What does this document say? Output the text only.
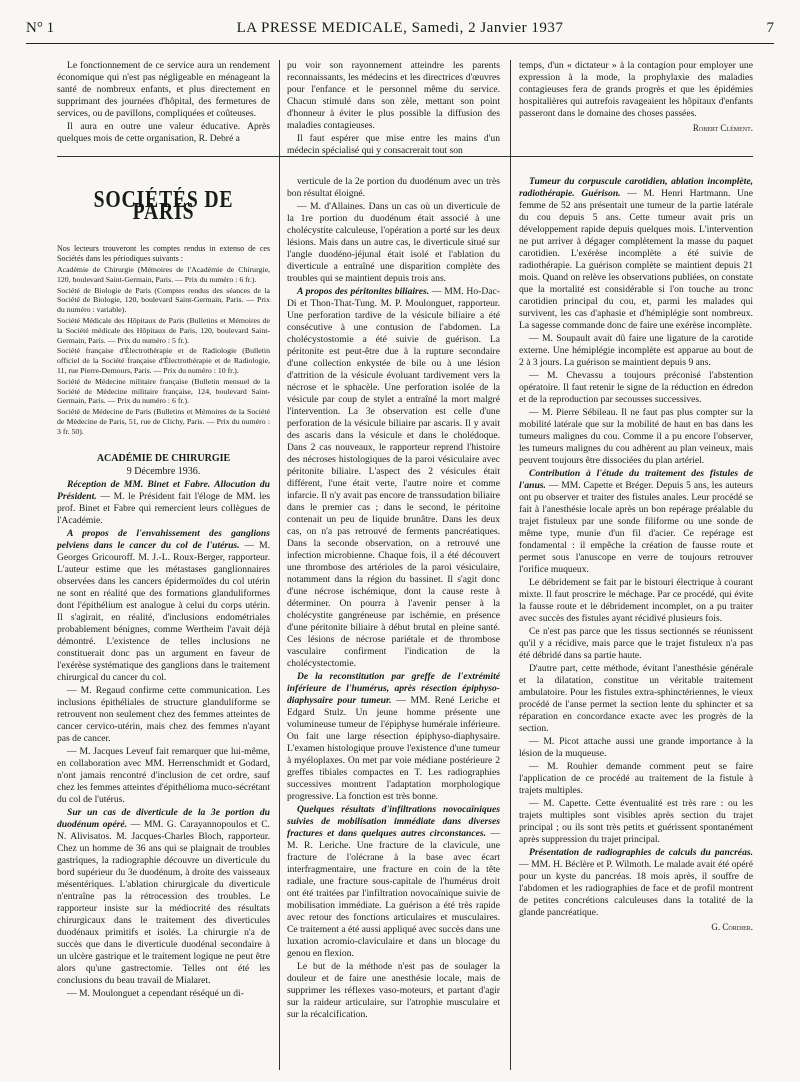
N° 1	LA PRESSE MEDICALE, Samedi, 2 Janvier 1937	7

Le fonctionnement de ce service aura un rendement économique qui n'est pas négligeable en ménageant la santé de nombreux enfants, et plus directement en supprimant des journées d'hôpital, des fermetures de services, ou de pavillons, compliquées et coûteuses.

Il aura en outre une valeur éducative. Après quelques mois de cette organisation, R. Debré a

pu voir son rayonnement atteindre les parents reconnaissants, les médecins et les directrices d'œuvres pour l'enfance et le personnel même du service. Chacun stimulé dans son zèle, mettant son point d'honneur à éviter le plus possible la diffusion des maladies contagieuses.

Il faut espérer que mise entre les mains d'un médecin spécialisé qui y consacrerait tout son

temps, d'un « dictateur » à la contagion pour employer une expression à la mode, la prophylaxie des maladies contagieuses fera de grands progrès et que les épidémies hospitalières qui autrefois ravageaient les hôpitaux d'enfants passeront dans le domaine des choses passées.

Robert Clément.
SOCIÉTÉS DE PARIS

Nos lecteurs trouveront les comptes rendus in extenso de ces Sociétés dans les périodiques suivants :

Académie de Chirurgie (Mémoires de l'Académie de Chirurgie, 120, boulevard Saint-Germain, Paris. — Prix du numéro : 6 fr.).

Société de Biologie de Paris (Comptes rendus des séances de la Société de Biologie, 120, boulevard Saint-Germain, Paris. — Prix du numéro : variable).

Société Médicale des Hôpitaux de Paris (Bulletins et Mémoires de la Société médicale des Hôpitaux de Paris, 120, boulevard Saint-Germain, Paris. — Prix du numéro : 5 fr.).

Société française d'Électrothérapie et de Radiologie (Bulletin officiel de la Société française d'Électrothérapie et de Radiologie, 11, rue Pierre-Demours, Paris. — Prix du numéro : 10 fr.).

Société de Médecine militaire française (Bulletin mensuel de la Société de Médecine militaire française, 124, boulevard Saint-Germain, Paris. — Prix du numéro : 6 fr.).

Société de Médecine de Paris (Bulletins et Mémoires de la Société de Médecine de Paris, 51, rue de Clichy, Paris. — Prix du numéro : 3 fr. 50).

ACADÉMIE DE CHIRURGIE

9 Décembre 1936.

Réception de MM. Binet et Fabre. Allocution du Président. — M. le Président fait l'éloge de MM. les prof. Binet et Fabre qui remercient leurs collègues de l'Académie.

A propos de l'envahissement des ganglions pelviens dans le cancer du col de l'utérus. — M. Georges Gricouroff. M. J.-L. Roux-Berger, rapporteur. L'auteur estime que les métastases ganglionnaires observées dans les cancers épidermoïdes du col utérin ne sont en réalité que des formations glanduliformes dont l'épithélium est analogue à celui du corps utérin. Il s'agirait, en réalité, d'inclusions endométriales probablement bénignes, comme Wertheim l'avait déjà démontré. L'existence de telles inclusions ne constituerait donc pas un argument en faveur de l'exérèse systématique des ganglions dans le traitement chirurgical du cancer du col.

— M. Regaud confirme cette communication. Les inclusions épithéliales de structure glanduliforme se retrouvent non seulement chez des femmes atteintes de cancer cervico-utérin, mais chez des femmes n'ayant pas de cancer.

— M. Jacques Leveuf fait remarquer que lui-même, en collaboration avec MM. Herrenschmidt et Godard, n'ont jamais rencontré d'inclusion de cet ordre, sauf chez les femmes atteintes d'épithélioma muco-sécrétant du col de l'utérus.

Sur un cas de diverticule de la 3e portion du duodénum opéré. — MM. G. Carayannopoulos et C. N. Alivisatos. M. Jacques-Charles Bloch, rapporteur. Chez un homme de 36 ans qui se plaignait de troubles gastriques, la radiographie découvre un diverticule du bord supérieur du 3e duodénum, à droite des vaisseaux mésentériques. L'ablation chirurgicale du diverticule n'entraîne pas la rétrocession des troubles. Le rapporteur insiste sur la médiocrité des résultats chirurgicaux dans le traitement des diverticules duodénaux primitifs et isolés. La chirurgie n'a de succès que dans le diverticule duodénal secondaire à un ulcère gastrique et le traitement logique ne peut être alors qu'une gastrectomie. Telles ont été les conclusions du beau travail de Mialaret.

— M. Moulonguet a cependant réséqué un di-

verticule de la 2e portion du duodénum avec un très bon résultat éloigné.

— M. d'Allaines. Dans un cas où un diverticule de la 1re portion du duodénum était associé à une cholécystite calculeuse, l'opération a porté sur les deux lésions. Mais dans un autre cas, le diverticule situé sur l'angle duodéno-jéjunal était isolé et l'ablation du diverticule a entraîné une disparition complète des troubles qui se maintient depuis trois ans.

A propos des péritonites biliaires. — MM. Ho-Dac-Di et Thon-That-Tung. M. P. Moulonguet, rapporteur. Une perforation tardive de la vésicule biliaire a été consécutive à une contusion de l'abdomen. La cholécystostomie a été suivie de guérison. La péritonite est peut-être due à la rupture secondaire d'une collection enkystée de bile ou à une lésion d'attrition de la vésicule évoluant tardivement vers la nécrose et le sphacèle. Une perforation isolée de la vésicule par coup de stylet a entraîné la mort malgré l'intervention. La 3e observation est celle d'une perforation de la vésicule biliaire par ascaris. Il y avait des ascaris dans la vésicule et dans le cholédoque. Dans 2 cas nouveaux, le rapporteur reprend l'histoire des nécroses histologiques de la paroi vésiculaire avec péritonite biliaire. L'aspect des 2 vésicules était différent, l'une était verte, l'autre noire et comme infarcie. Il n'y avait pas encore de transsudation biliaire dans le premier cas ; dans le second, le péritoine contenait un peu de liquide brunâtre. Dans les deux cas, on n'a pas retrouvé de ferments pancréatiques. Dans la seconde observation, on a retrouvé une infection microbienne. Chaque fois, il a été découvert une thrombose des artérioles de la paroi vésiculaire, notamment dans la région du bassinet. Il s'agit donc d'une nécrose ischémique, dont la cause reste à déterminer. On pourra à l'avenir penser à la cholécystite gangréneuse par ischémie, en présence d'une péritonite biliaire à début brutal en pleine santé. Ces lésions de nécrose pariétale et de thrombose vasculaire confirment l'indication de la cholécystectomie.

De la reconstitution par greffe de l'extrémité inférieure de l'humérus, après résection épiphyso-diaphysaire pour tumeur. — MM. René Leriche et Edgard Stulz. Un jeune homme présente une volumineuse tumeur de l'épiphyse humérale inférieure. On fait une large résection épiphyso-diaphysaire. L'examen histologique prouve l'existence d'une tumeur à myéloplaxes. On met par voie médiane postérieure 2 greffes tibiales compactes en T. Les radiographies successives montrent l'adaptation morphologique progressive. La fonction est très bonne.

Quelques résultats d'infiltrations novocaïniques suivies de mobilisation immédiate dans diverses fractures et dans quelques autres circonstances. — M. R. Leriche. Une fracture de la clavicule, une fracture de l'olécrane à la base avec écart interfragmentaire, une fracture en coin de la tête radiale, une fracture sous-capitale de l'humérus droit ont été traitées par l'infiltration novocaïnique suivie de mobilisation immédiate. La guérison a été très rapide avec retour des fonctions articulaires et musculaires. Ce traitement a été aussi appliqué avec succès dans une luxation acromio-claviculaire et dans un blocage du genou en flexion.

Le but de la méthode n'est pas de soulager la douleur et de faire une anesthésie locale, mais de supprimer les réflexes vaso-moteurs, et partant d'agir sur la raideur articulaire, sur l'atrophie musculaire et sur la récalcification.

Tumeur du corpuscule carotidien, ablation incomplète, radiothérapie. Guérison. — M. Henri Hartmann. Une femme de 52 ans présentait une tumeur de la partie latérale du cou depuis 5 ans. Cette tumeur avait pris un développement rapide depuis quelques mois. L'intervention ne put arriver à dégager complètement la masse du paquet carotidien. L'exérèse incomplète a été suivie de radiothérapie. La guérison complète se maintient depuis 21 mois. Quand on relève les observations publiées, on constate que la mortalité est considérable si l'on touche au tronc carotidien principal du cou, et, parmi les malades qui survivent, les cas d'aphasie et d'hémiplégie sont nombreux. La sagesse commande donc de faire une exérèse incomplète.

— M. Soupault avait dû faire une ligature de la carotide externe. Une hémiplégie incomplète est apparue au bout de 2 à 3 jours. La guérison se maintient depuis 9 ans.

— M. Chevassu a toujours préconisé l'abstention opératoire. Il faut retenir le signe de la réduction en édredon et de la reproduction par secousses successives.

— M. Pierre Sébileau. Il ne faut pas plus compter sur la mobilité latérale que sur la mobilité de haut en bas dans les tumeurs malignes du cou. Comme il a pu encore l'observer, les tumeurs malignes du cou adhèrent au plan veineux, mais peuvent toujours être dissociées du plan artériel.

Contribution à l'étude du traitement des fistules de l'anus. — MM. Capette et Bréger. Depuis 5 ans, les auteurs ont pu observer et traiter des fistules anales. Leur procédé se fait à l'anesthésie locale après un bon repérage préalable du trajet fistuleux par une sonde filiforme ou une sonde de même type, munie d'un fil d'acier. Ce repérage est fondamental : il empêche la création de fausse route et permet sous l'anuscope en verre de toujours retrouver l'orifice muqueux.

Le débridement se fait par le bistouri électrique à courant mixte. Il faut proscrire le méchage. Par ce procédé, qui évite la fausse route et le débridement incomplet, on a pu traiter avec succès des fistules ayant récidivé plusieurs fois.

Ce n'est pas parce que les tissus sectionnés se réunissent qu'il y a récidive, mais parce que le trajet fistuleux n'a pas été débridé dans sa partie haute.

D'autre part, cette méthode, évitant l'anesthésie générale et la dilatation, constitue un véritable traitement ambulatoire. Pour les fistules extra-sphinctériennes, le vieux procédé de l'anse permet la section lente du sphincter et sa réparation en concordance exacte avec les progrès de la section.

— M. Picot attache aussi une grande importance à la lésion de la muqueuse.

— M. Rouhier demande comment peut se faire l'application de ce procédé au traitement de la fistule à trajets multiples.

— M. Capette. Cette éventualité est très rare : ou les trajets multiples sont visibles après section du trajet principal ; ou ils sont très petits et guérissent spontanément après suppression du trajet principal.

Présentation de radiographies de calculs du pancréas. — MM. H. Béclère et P. Wilmoth. Le malade avait été opéré pour un kyste du pancréas. 18 mois après, il souffre de l'abdomen et les radiographies de face et de profil montrent de petites concrétions calculeuses dans la totalité de la glande pancréatique.

G. Cordier.
